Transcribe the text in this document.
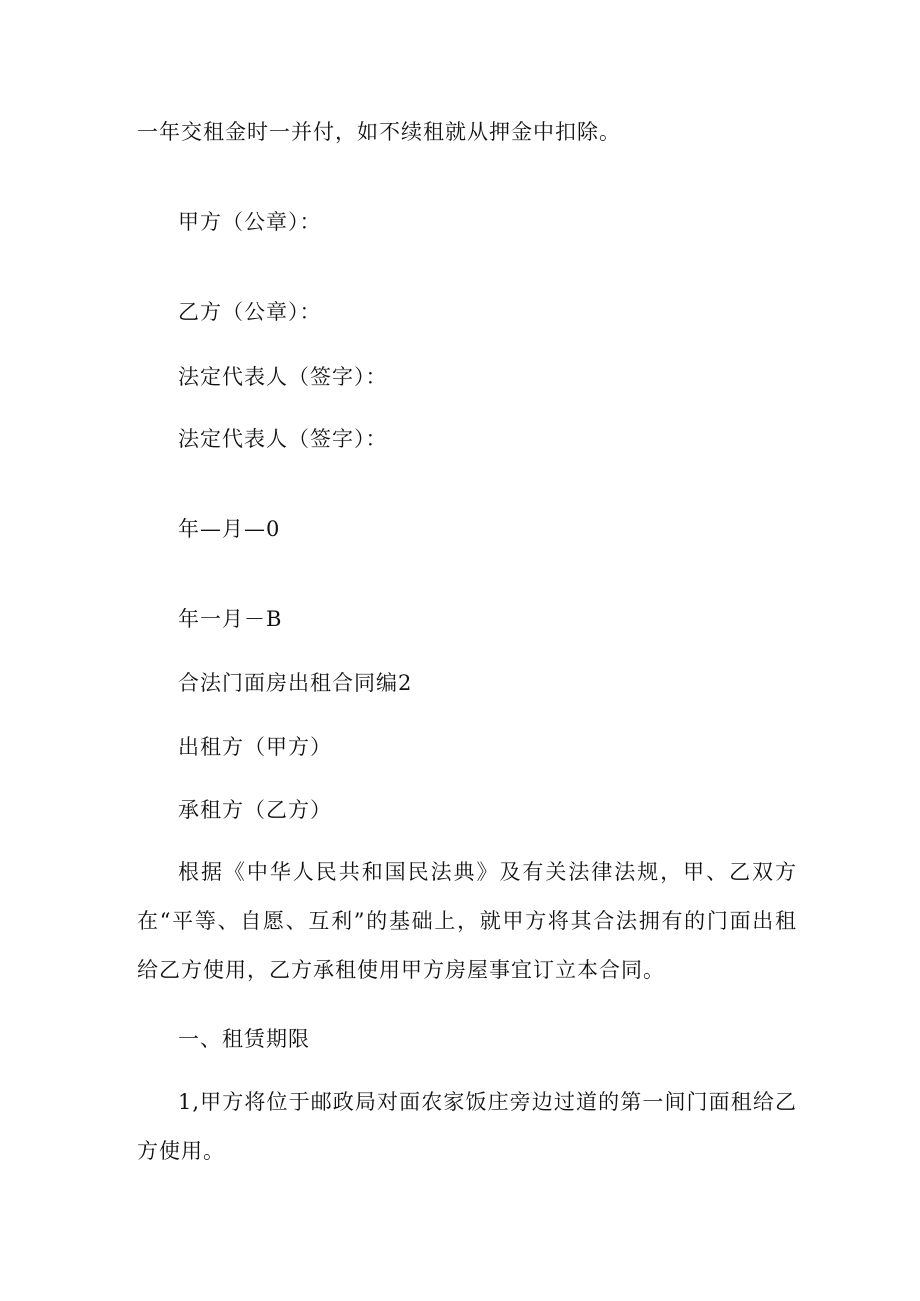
一年交租金时一并付，如不续租就从押金中扣除。
甲方（公章）：
乙方（公章）：
法定代表人（签字）：
法定代表人（签字）：
年—月—0
年一月－B
合法门面房出租合同编2
出租方（甲方）
承租方（乙方）
根据《中华人民共和国民法典》及有关法律法规，甲、乙双方在“平等、自愿、互利”的基础上，就甲方将其合法拥有的门面出租给乙方使用，乙方承租使用甲方房屋事宜订立本合同。
一、租赁期限
1,甲方将位于邮政局对面农家饭庄旁边过道的第一间门面租给乙方使用。
